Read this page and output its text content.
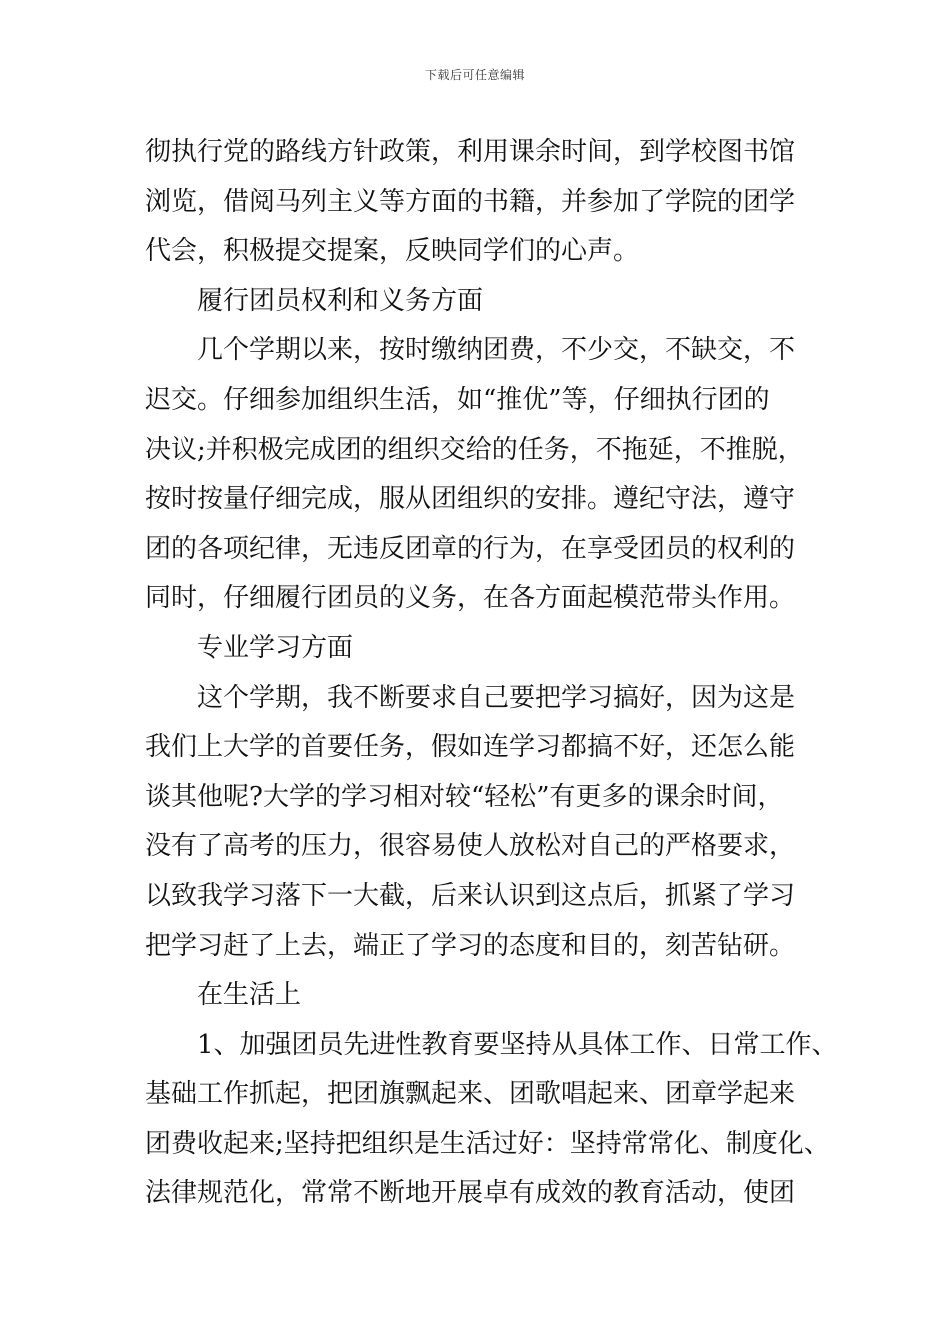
下载后可任意编辑
彻执行党的路线方针政策，利用课余时间，到学校图书馆
浏览，借阅马列主义等方面的书籍，并参加了学院的团学
代会，积极提交提案，反映同学们的心声。
履行团员权利和义务方面
几个学期以来，按时缴纳团费，不少交，不缺交，不
迟交。仔细参加组织生活，如“推优”等，仔细执行团的
决议;并积极完成团的组织交给的任务，不拖延，不推脱，
按时按量仔细完成，服从团组织的安排。遵纪守法，遵守
团的各项纪律，无违反团章的行为，在享受团员的权利的
同时，仔细履行团员的义务，在各方面起模范带头作用。
专业学习方面
这个学期，我不断要求自己要把学习搞好，因为这是
我们上大学的首要任务，假如连学习都搞不好，还怎么能
谈其他呢?大学的学习相对较“轻松”有更多的课余时间，
没有了高考的压力，很容易使人放松对自己的严格要求，
以致我学习落下一大截，后来认识到这点后，抓紧了学习
把学习赶了上去，端正了学习的态度和目的，刻苦钻研。
在生活上
1、加强团员先进性教育要坚持从具体工作、日常工作、
基础工作抓起，把团旗飘起来、团歌唱起来、团章学起来
团费收起来;坚持把组织是生活过好：坚持常常化、制度化、
法律规范化，常常不断地开展卓有成效的教育活动，使团
